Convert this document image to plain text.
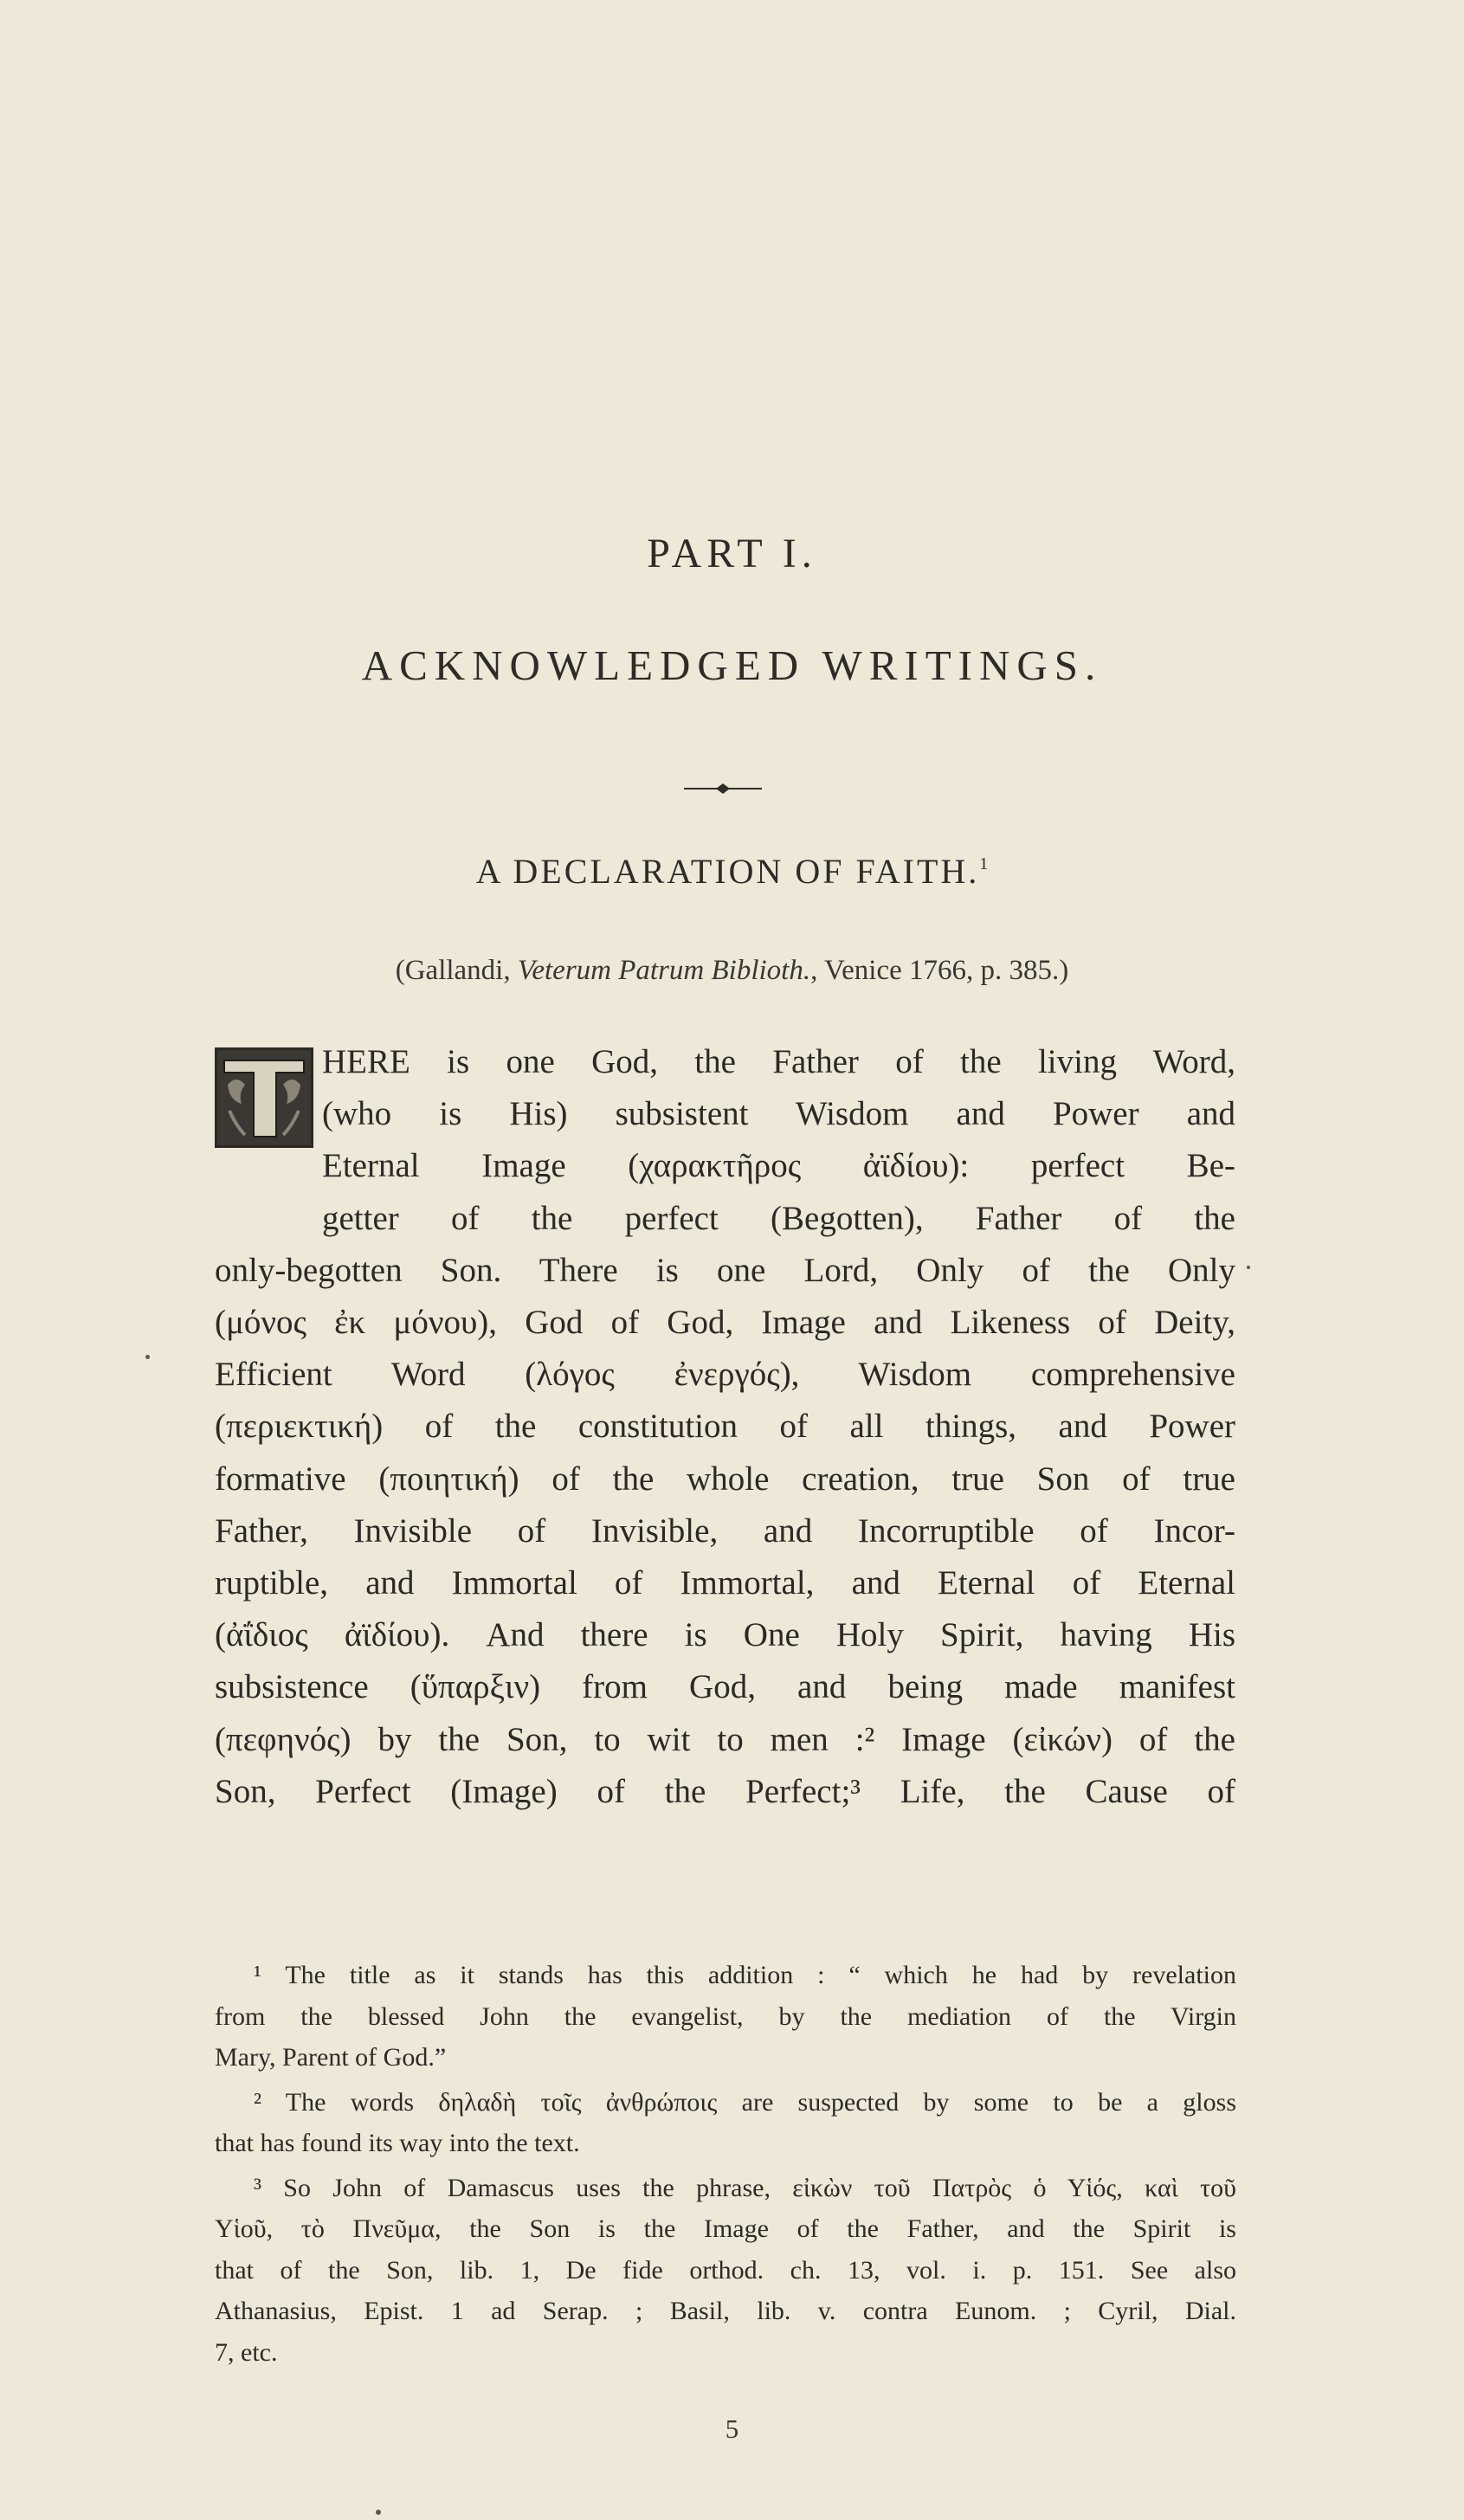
PART I.
ACKNOWLEDGED WRITINGS.
A DECLARATION OF FAITH.$^1$
(Gallandi, Veterum Patrum Biblioth., Venice 1766, p. 385.)
T
HERE is one God, the Father of the living Word,
(who is His) subsistent Wisdom and Power and
Eternal Image (χαρακτῆρος ἀϊδίου): perfect Be-
getter of the perfect (Begotten), Father of the
only-begotten Son. There is one Lord, Only of the Only
(μόνος ἐκ μόνου), God of God, Image and Likeness of Deity,
Efficient Word (λόγος ἐνεργός), Wisdom comprehensive
(περιεκτική) of the constitution of all things, and Power
formative (ποιητική) of the whole creation, true Son of true
Father, Invisible of Invisible, and Incorruptible of Incor-
ruptible, and Immortal of Immortal, and Eternal of Eternal
(ἀΐδιος ἀϊδίου). And there is One Holy Spirit, having His
subsistence (ὕπαρξιν) from God, and being made manifest
(πεφηνός) by the Son, to wit to men :² Image (εἰκών) of the
Son, Perfect (Image) of the Perfect;³ Life, the Cause of
¹ The title as it stands has this addition : “ which he had by revelation
from the blessed John the evangelist, by the mediation of the Virgin
Mary, Parent of God.”
² The words δηλαδὴ τοῖς ἀνθρώποις are suspected by some to be a gloss
that has found its way into the text.
³ So John of Damascus uses the phrase, εἰκὼν τοῦ Πατρὸς ὁ Υἱός, καὶ τοῦ
Υἱοῦ, τὸ Πνεῦμα, the Son is the Image of the Father, and the Spirit is
that of the Son, lib. 1, De fide orthod. ch. 13, vol. i. p. 151. See also
Athanasius, Epist. 1 ad Serap. ; Basil, lib. v. contra Eunom. ; Cyril, Dial.
7, etc.
5
